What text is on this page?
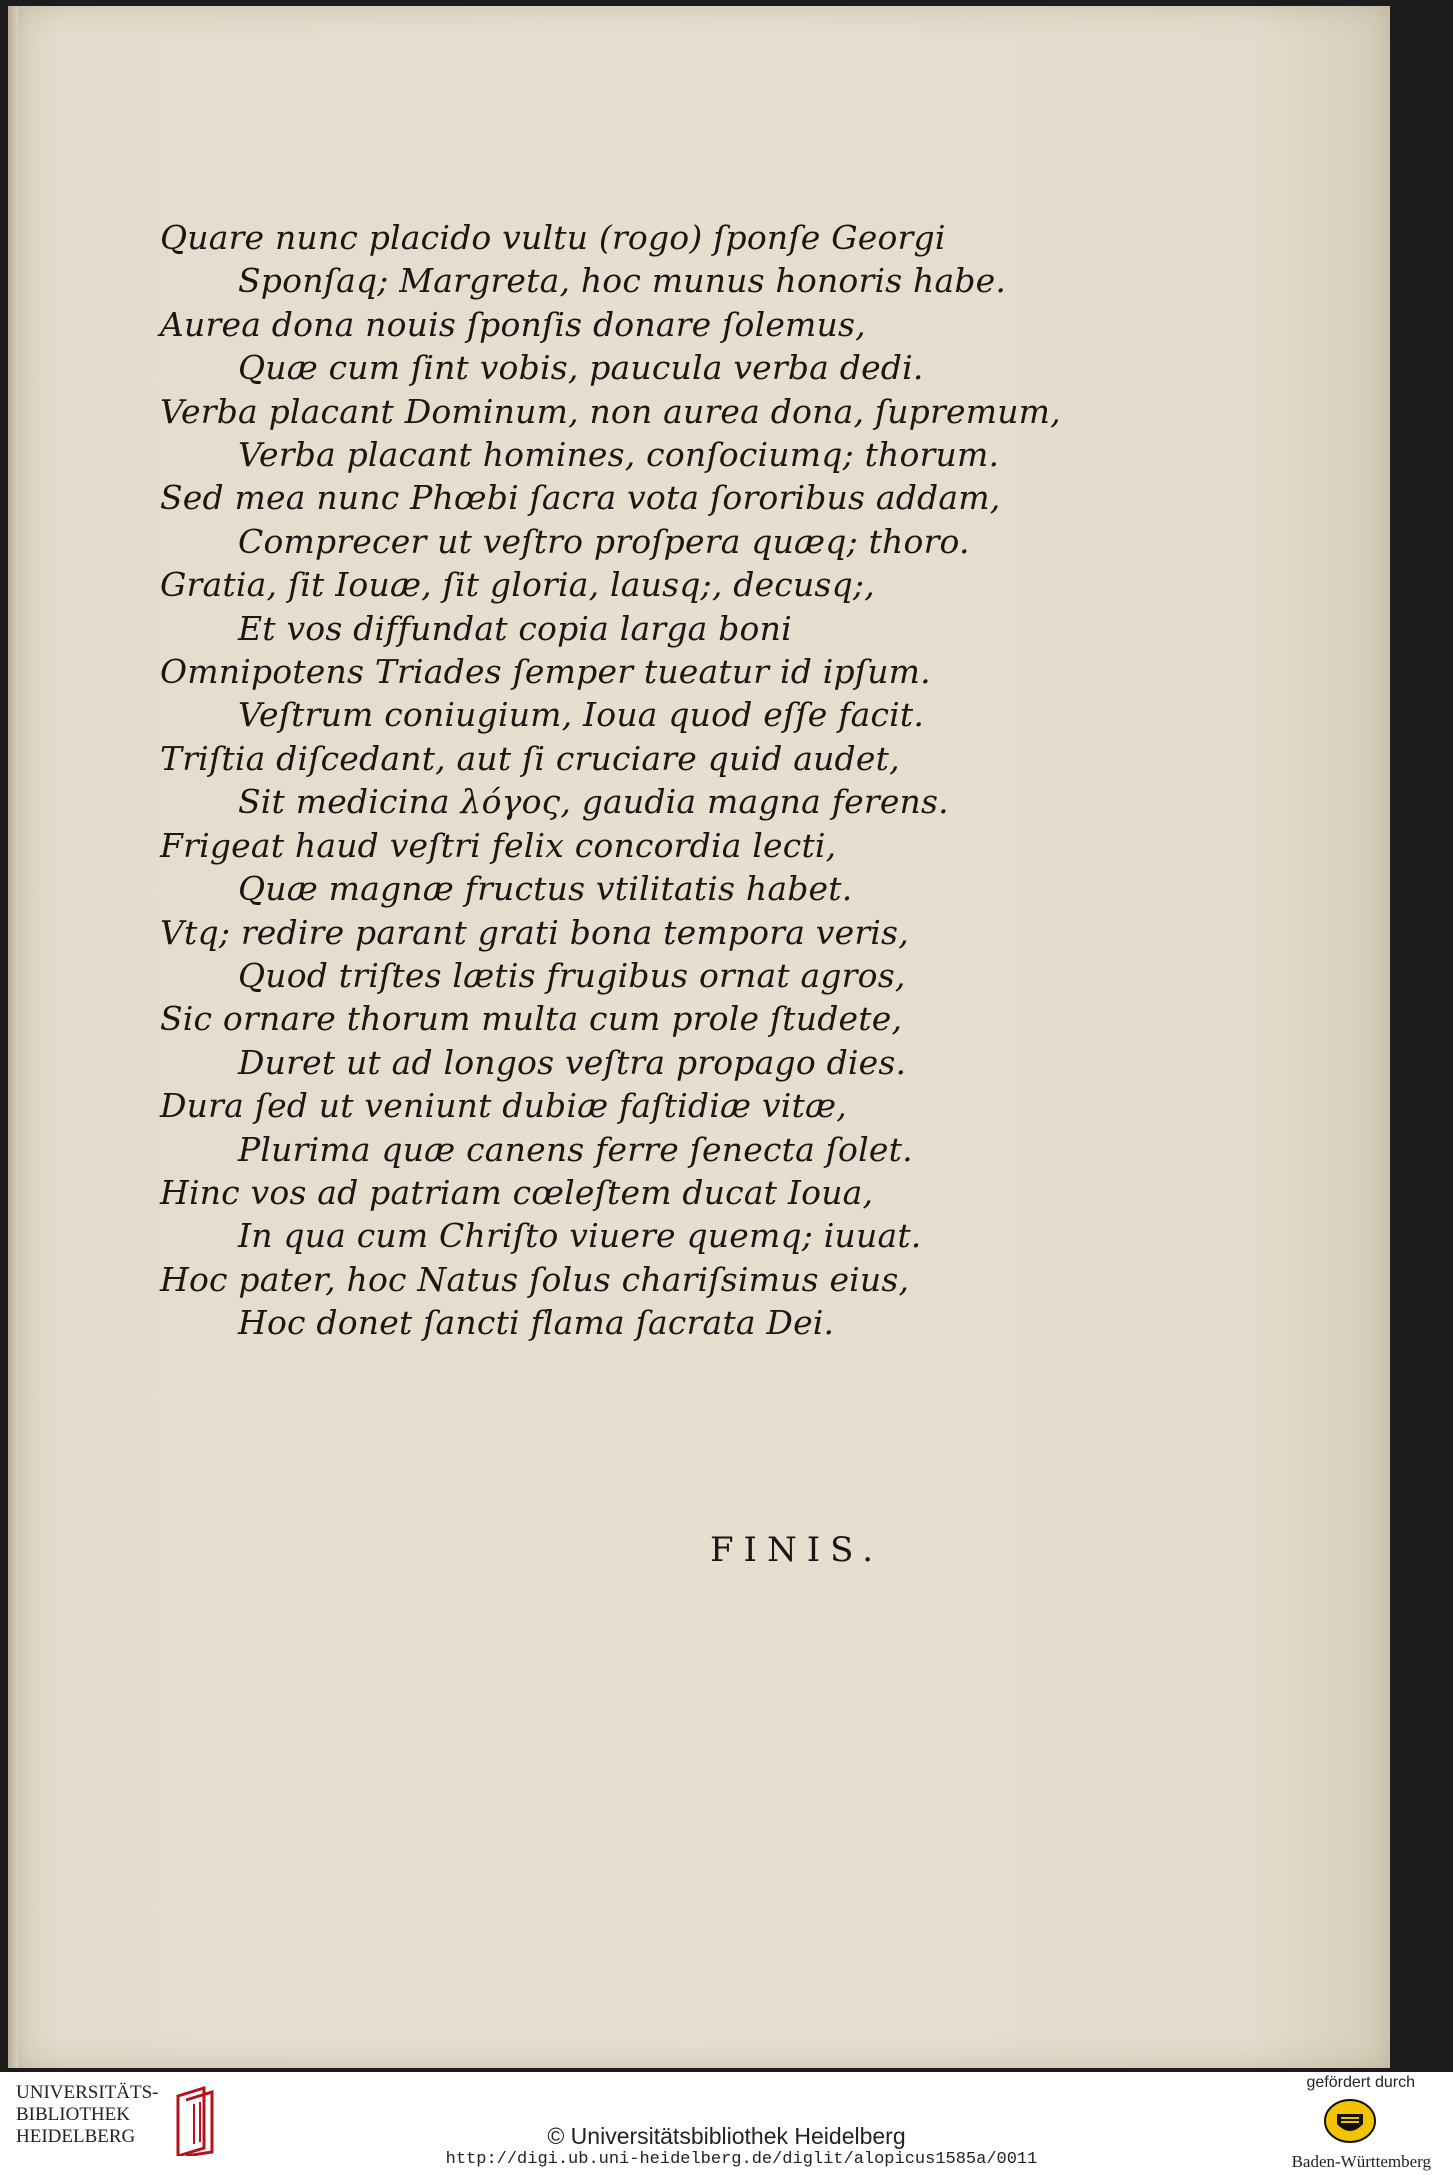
Quare nunc placido vultu (rogo) ſponſe Georgi
Sponſaq; Margreta, hoc munus honoris habe.
Aurea dona nouis ſponſis donare ſolemus,
Quæ cum ſint vobis, paucula verba dedi.
Verba placant Dominum, non aurea dona, ſupremum,
Verba placant homines, conſociumq; thorum.
Sed mea nunc Phœbi ſacra vota ſororibus addam,
Comprecer ut veſtro proſpera quæq; thoro.
Gratia, ſit Iouæ, ſit gloria, lausq;, decusq;,
Et vos diffundat copia larga boni
Omnipotens Triades ſemper tueatur id ipſum.
Veſtrum coniugium, Ioua quod eſſe facit.
Triſtia diſcedant, aut ſi cruciare quid audet,
Sit medicina λόγος, gaudia magna ferens.
Frigeat haud veſtri felix concordia lecti,
Quæ magnæ fructus vtilitatis habet.
Vtq; redire parant grati bona tempora veris,
Quod triſtes lætis frugibus ornat agros,
Sic ornare thorum multa cum prole ſtudete,
Duret ut ad longos veſtra propago dies.
Dura ſed ut veniunt dubiæ faſtidiæ vitæ,
Plurima quæ canens ferre ſenecta ſolet.
Hinc vos ad patriam cœleſtem ducat Ioua,
In qua cum Chriſto viuere quemq; iuuat.
Hoc pater, hoc Natus ſolus chariſsimus eius,
Hoc donet ſancti flama ſacrata Dei.
FINIS.
UNIVERSITÄTS-
BIBLIOTHEK
HEIDELBERG	© Universitätsbibliothek Heidelberg
http://digi.ub.uni-heidelberg.de/diglit/alopicus1585a/0011
gefördert durch
Baden-Württemberg
